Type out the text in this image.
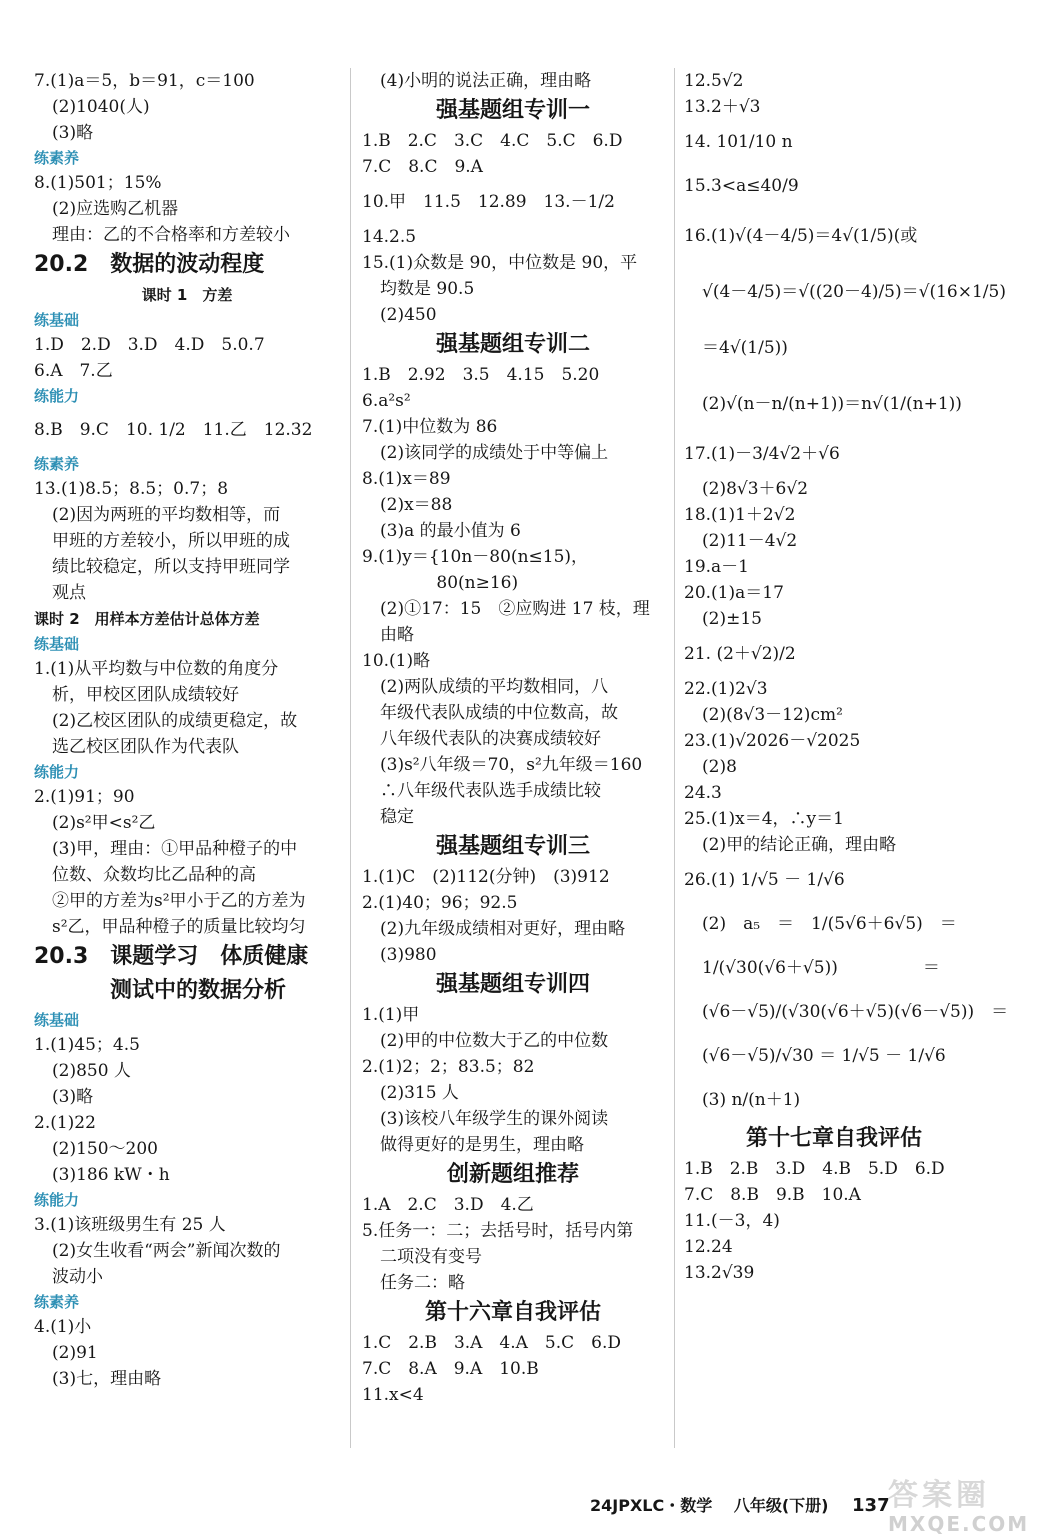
7.(1)a＝5，b＝91，c＝100
(2)1040(人)
(3)略
练素养
8.(1)501；15%
(2)应选购乙机器
理由：乙的不合格率和方差较小
20.2　数据的波动程度
课时 1　方差
练基础
1.D　2.D　3.D　4.D　5.0.7
6.A　7.乙
练能力
8.B　9.C　10. 1/2　11.乙　12.32
练素养
13.(1)8.5；8.5；0.7；8
(2)因为两班的平均数相等，而
甲班的方差较小，所以甲班的成
绩比较稳定，所以支持甲班同学
观点
课时 2　用样本方差估计总体方差
练基础
1.(1)从平均数与中位数的角度分
析，甲校区团队成绩较好
(2)乙校区团队的成绩更稳定，故
选乙校区团队作为代表队
练能力
2.(1)91；90
(2)s²甲<s²乙
(3)甲，理由：①甲品种橙子的中
位数、众数均比乙品种的高
②甲的方差为s²甲小于乙的方差为
s²乙，甲品种橙子的质量比较均匀
20.3　课题学习　体质健康
测试中的数据分析
练基础
1.(1)45；4.5
(2)850 人
(3)略
2.(1)22
(2)150～200
(3)186 kW・h
练能力
3.(1)该班级男生有 25 人
(2)女生收看“两会”新闻次数的
波动小
练素养
4.(1)小
(2)91
(3)七，理由略
(4)小明的说法正确，理由略
强基题组专训一
1.B　2.C　3.C　4.C　5.C　6.D
7.C　8.C　9.A
10.甲　11.5　12.89　13.－1/2
14.2.5
15.(1)众数是 90，中位数是 90，平
均数是 90.5
(2)450
强基题组专训二
1.B　2.92　3.5　4.15　5.20
6.a²s²
7.(1)中位数为 86
(2)该同学的成绩处于中等偏上
8.(1)x＝89
(2)x＝88
(3)a 的最小值为 6
9.(1)y＝{10n－80(n≤15)，
　　　 80(n≥16)
(2)①17：15　②应购进 17 枝，理
由略
10.(1)略
(2)两队成绩的平均数相同，八
年级代表队成绩的中位数高，故
八年级代表队的决赛成绩较好
(3)s²八年级＝70，s²九年级＝160
∴八年级代表队选手成绩比较
稳定
强基题组专训三
1.(1)C　(2)112(分钟)　(3)912
2.(1)40；96；92.5
(2)九年级成绩相对更好，理由略
(3)980
强基题组专训四
1.(1)甲
(2)甲的中位数大于乙的中位数
2.(1)2；2；83.5；82
(2)315 人
(3)该校八年级学生的课外阅读
做得更好的是男生，理由略
创新题组推荐
1.A　2.C　3.D　4.乙
5.任务一：二；去括号时，括号内第
二项没有变号
任务二：略
第十六章自我评估
1.C　2.B　3.A　4.A　5.C　6.D
7.C　8.A　9.A　10.B
11.x<4
12.5√2
13.2＋√3
14. 101/10 n
15.3<a≤40/9
16.(1)√(4－4/5)＝4√(1/5)(或
√(4－4/5)＝√((20－4)/5)＝√(16×1/5)
＝4√(1/5))
(2)√(n－n/(n+1))＝n√(1/(n+1))
17.(1)－3/4√2＋√6
(2)8√3＋6√2
18.(1)1＋2√2
(2)11－4√2
19.a－1
20.(1)a＝17
(2)±15
21. (2＋√2)/2
22.(1)2√3
(2)(8√3－12)cm²
23.(1)√2026－√2025
(2)8
24.3
25.(1)x＝4，∴y＝1
(2)甲的结论正确，理由略
26.(1) 1/√5 － 1/√6
(2)　a₅　＝　1/(5√6＋6√5)　＝
1/(√30(√6＋√5))　　　　　＝
(√6－√5)/(√30(√6＋√5)(√6－√5))　＝
(√6－√5)/√30 ＝ 1/√5 － 1/√6
(3) n/(n＋1)
第十七章自我评估
1.B　2.B　3.D　4.B　5.D　6.D
7.C　8.B　9.B　10.A
11.(－3，4)
12.24
13.2√39
24JPXLC・数学 八年级(下册) 137
答案圈
MXQE.COM
